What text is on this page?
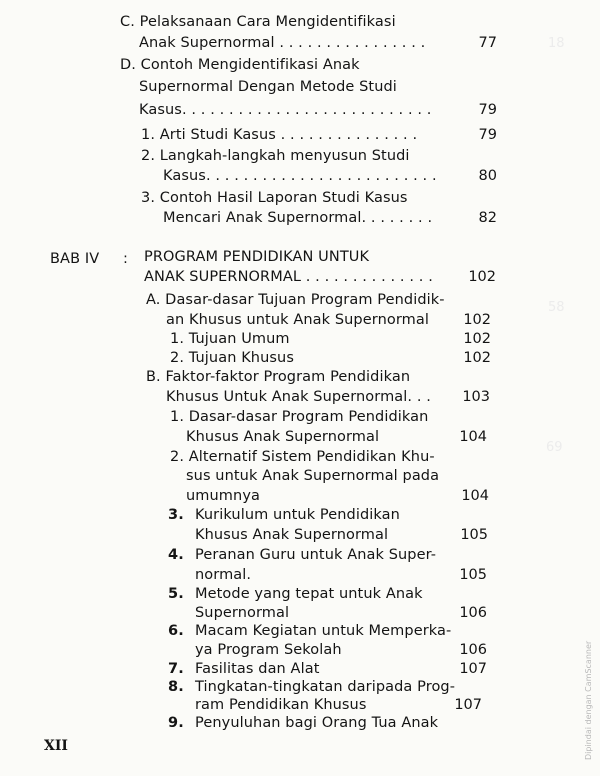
18
58
69
C. Pelaksanaan Cara Mengidentifikasi
Anak Supernormal . . . . . . . . . . . . . . . .
D. Contoh Mengidentifikasi Anak
Supernormal Dengan Metode Studi
Kasus. . . . . . . . . . . . . . . . . . . . . . . . . . .
1. Arti Studi Kasus . . . . . . . . . . . . . . .
2. Langkah-langkah menyusun Studi
Kasus. . . . . . . . . . . . . . . . . . . . . . . . .
3. Contoh Hasil Laporan Studi Kasus
Mencari Anak Supernormal. . . . . . . .
BAB IV : PROGRAM PENDIDIKAN UNTUK
ANAK SUPERNORMAL . . . . . . . . . . . . . .
A. Dasar-dasar Tujuan Program Pendidik-
an Khusus untuk Anak Supernormal
1. Tujuan Umum
2. Tujuan Khusus
B. Faktor-faktor Program Pendidikan
Khusus Untuk Anak Supernormal. . .
1. Dasar-dasar Program Pendidikan
Khusus Anak Supernormal
2. Alternatif Sistem Pendidikan Khu-
sus untuk Anak Supernormal pada
umumnya
3. Kurikulum untuk Pendidikan
Khusus Anak Supernormal
4. Peranan Guru untuk Anak Super-
normal.
5. Metode yang tepat untuk Anak
Supernormal
6. Macam Kegiatan untuk Memperka-
ya Program Sekolah
7. Fasilitas dan Alat
8. Tingkatan-tingkatan daripada Prog-
ram Pendidikan Khusus
9. Penyuluhan bagi Orang Tua Anak
77
79
79
80
82
102
102
102
102
103
104
104
105
105
106
106
107
107
XII	Dipindai dengan CamScanner
